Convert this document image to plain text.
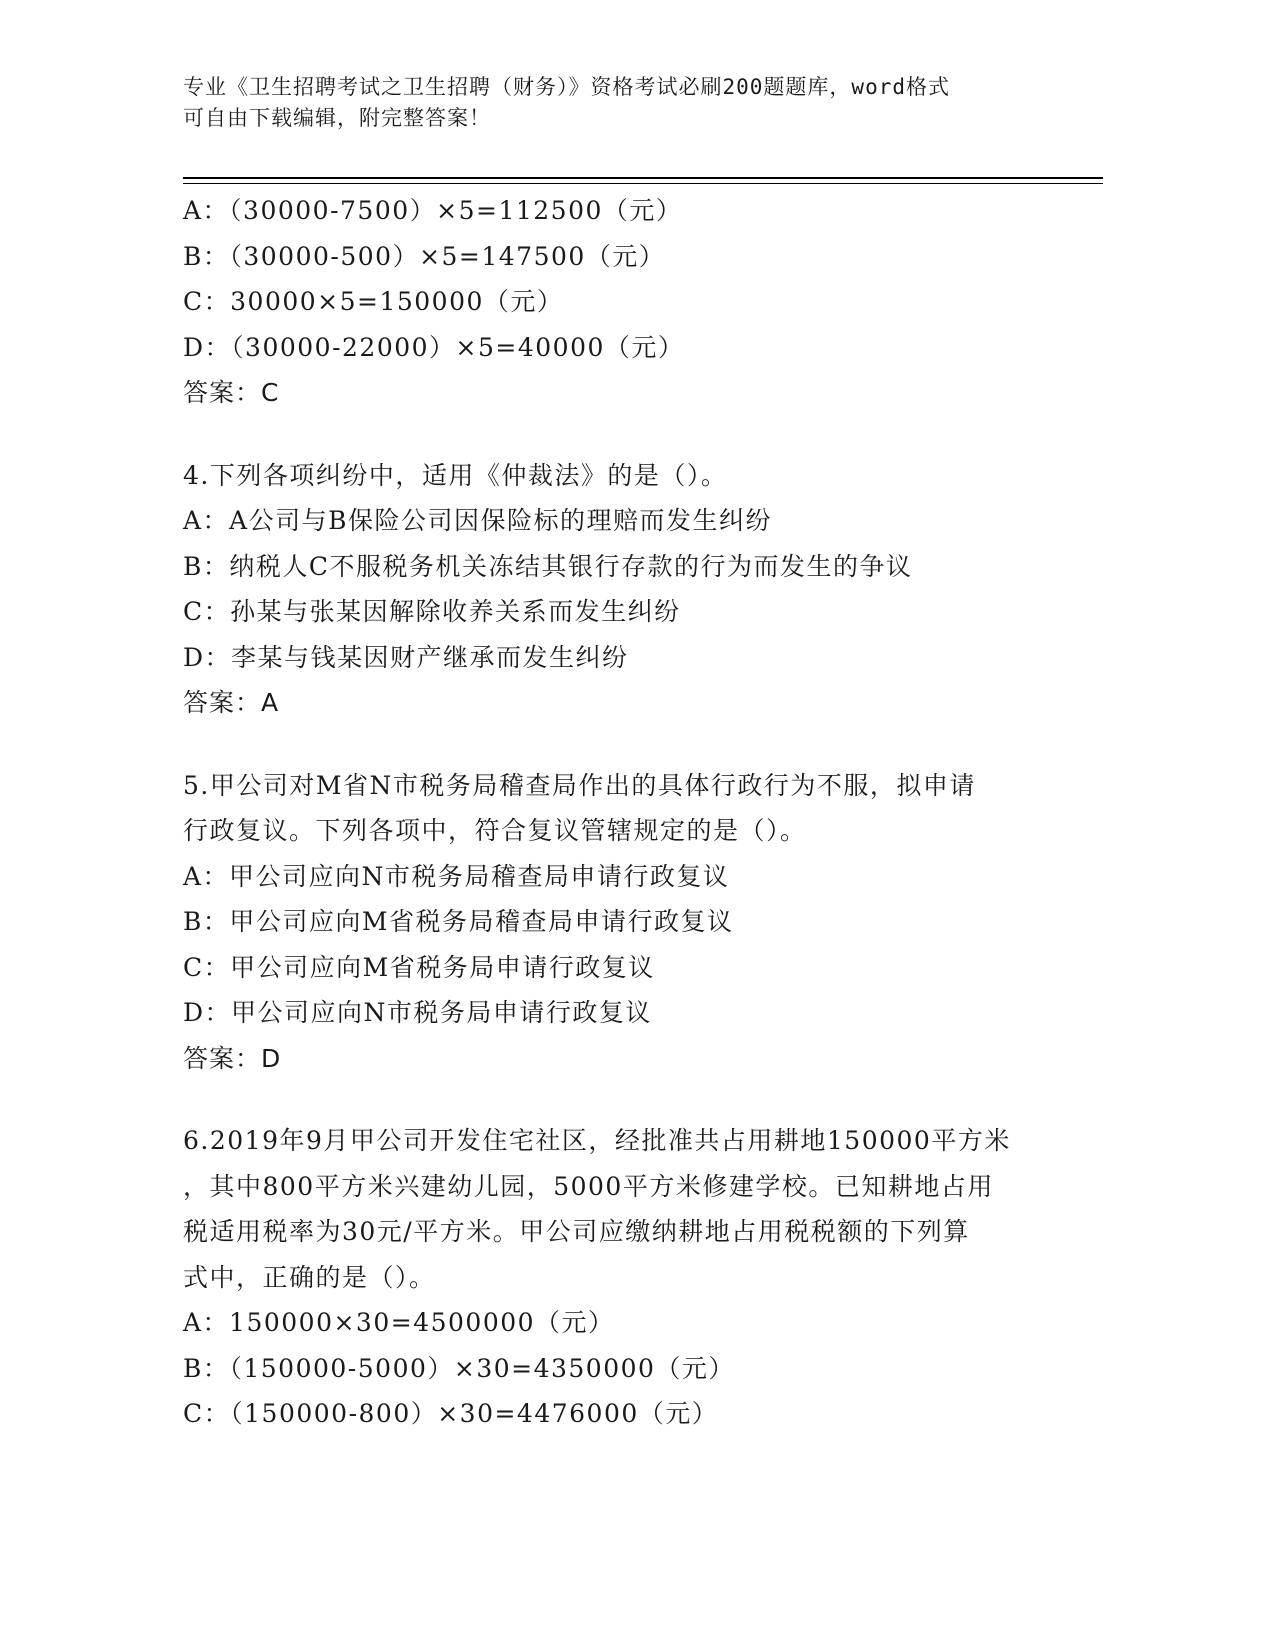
专业《卫生招聘考试之卫生招聘（财务）》资格考试必刷200题题库，word格式

可自由下载编辑，附完整答案！

A：（30000-7500）×5=112500（元）

B：（30000-500）×5=147500（元）

C：30000×5=150000（元）

D：（30000-22000）×5=40000（元）

答案：C

4.下列各项纠纷中，适用《仲裁法》的是（）。

A：A公司与B保险公司因保险标的理赔而发生纠纷

B：纳税人C不服税务机关冻结其银行存款的行为而发生的争议

C：孙某与张某因解除收养关系而发生纠纷

D：李某与钱某因财产继承而发生纠纷

答案：A

5.甲公司对M省N市税务局稽查局作出的具体行政行为不服，拟申请

行政复议。下列各项中，符合复议管辖规定的是（）。

A：甲公司应向N市税务局稽查局申请行政复议

B：甲公司应向M省税务局稽查局申请行政复议

C：甲公司应向M省税务局申请行政复议

D：甲公司应向N市税务局申请行政复议

答案：D

6.2019年9月甲公司开发住宅社区，经批准共占用耕地150000平方米

，其中800平方米兴建幼儿园，5000平方米修建学校。已知耕地占用

税适用税率为30元/平方米。甲公司应缴纳耕地占用税税额的下列算

式中，正确的是（）。

A：150000×30=4500000（元）

B：（150000-5000）×30=4350000（元）

C：（150000-800）×30=4476000（元）
